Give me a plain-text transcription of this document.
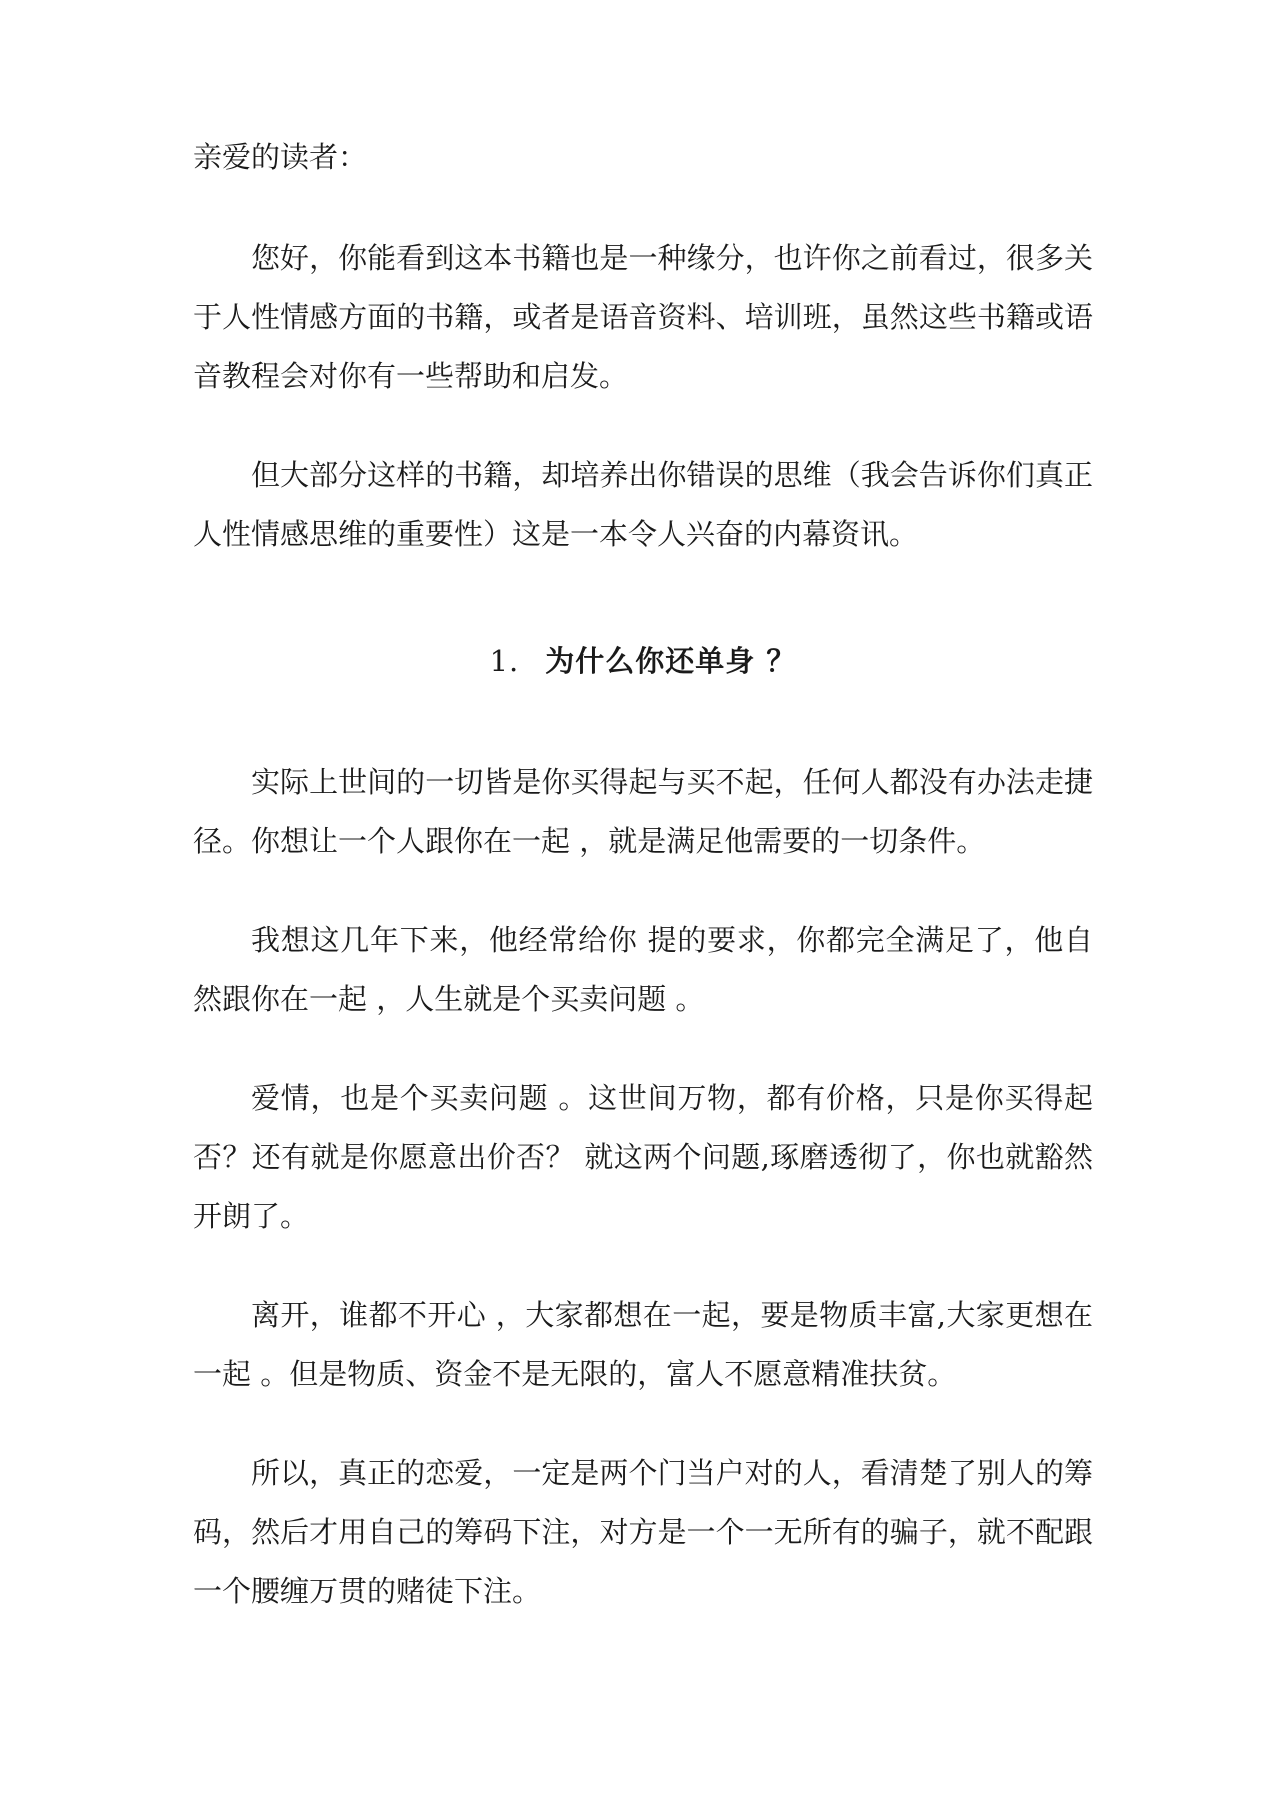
亲爱的读者：

您好，你能看到这本书籍也是一种缘分，也许你之前看过，很多关于人性情感方面的书籍，或者是语音资料、培训班，虽然这些书籍或语音教程会对你有一些帮助和启发。

但大部分这样的书籍，却培养出你错误的思维（我会告诉你们真正人性情感思维的重要性）这是一本令人兴奋的内幕资讯。

1. 为什么你还单身 ？

实际上世间的一切皆是你买得起与买不起，任何人都没有办法走捷径。你想让一个人跟你在一起 ，就是满足他需要的一切条件。

我想这几年下来，他经常给你 提的要求，你都完全满足了，他自然跟你在一起 ，人生就是个买卖问题 。

爱情，也是个买卖问题 。这世间万物，都有价格，只是你买得起否？还有就是你愿意出价否？ 就这两个问题,琢磨透彻了，你也就豁然开朗了。

离开，谁都不开心 ，大家都想在一起，要是物质丰富,大家更想在一起 。但是物质、资金不是无限的，富人不愿意精准扶贫。

所以，真正的恋爱，一定是两个门当户对的人，看清楚了别人的筹码，然后才用自己的筹码下注，对方是一个一无所有的骗子，就不配跟一个腰缠万贯的赌徒下注。
